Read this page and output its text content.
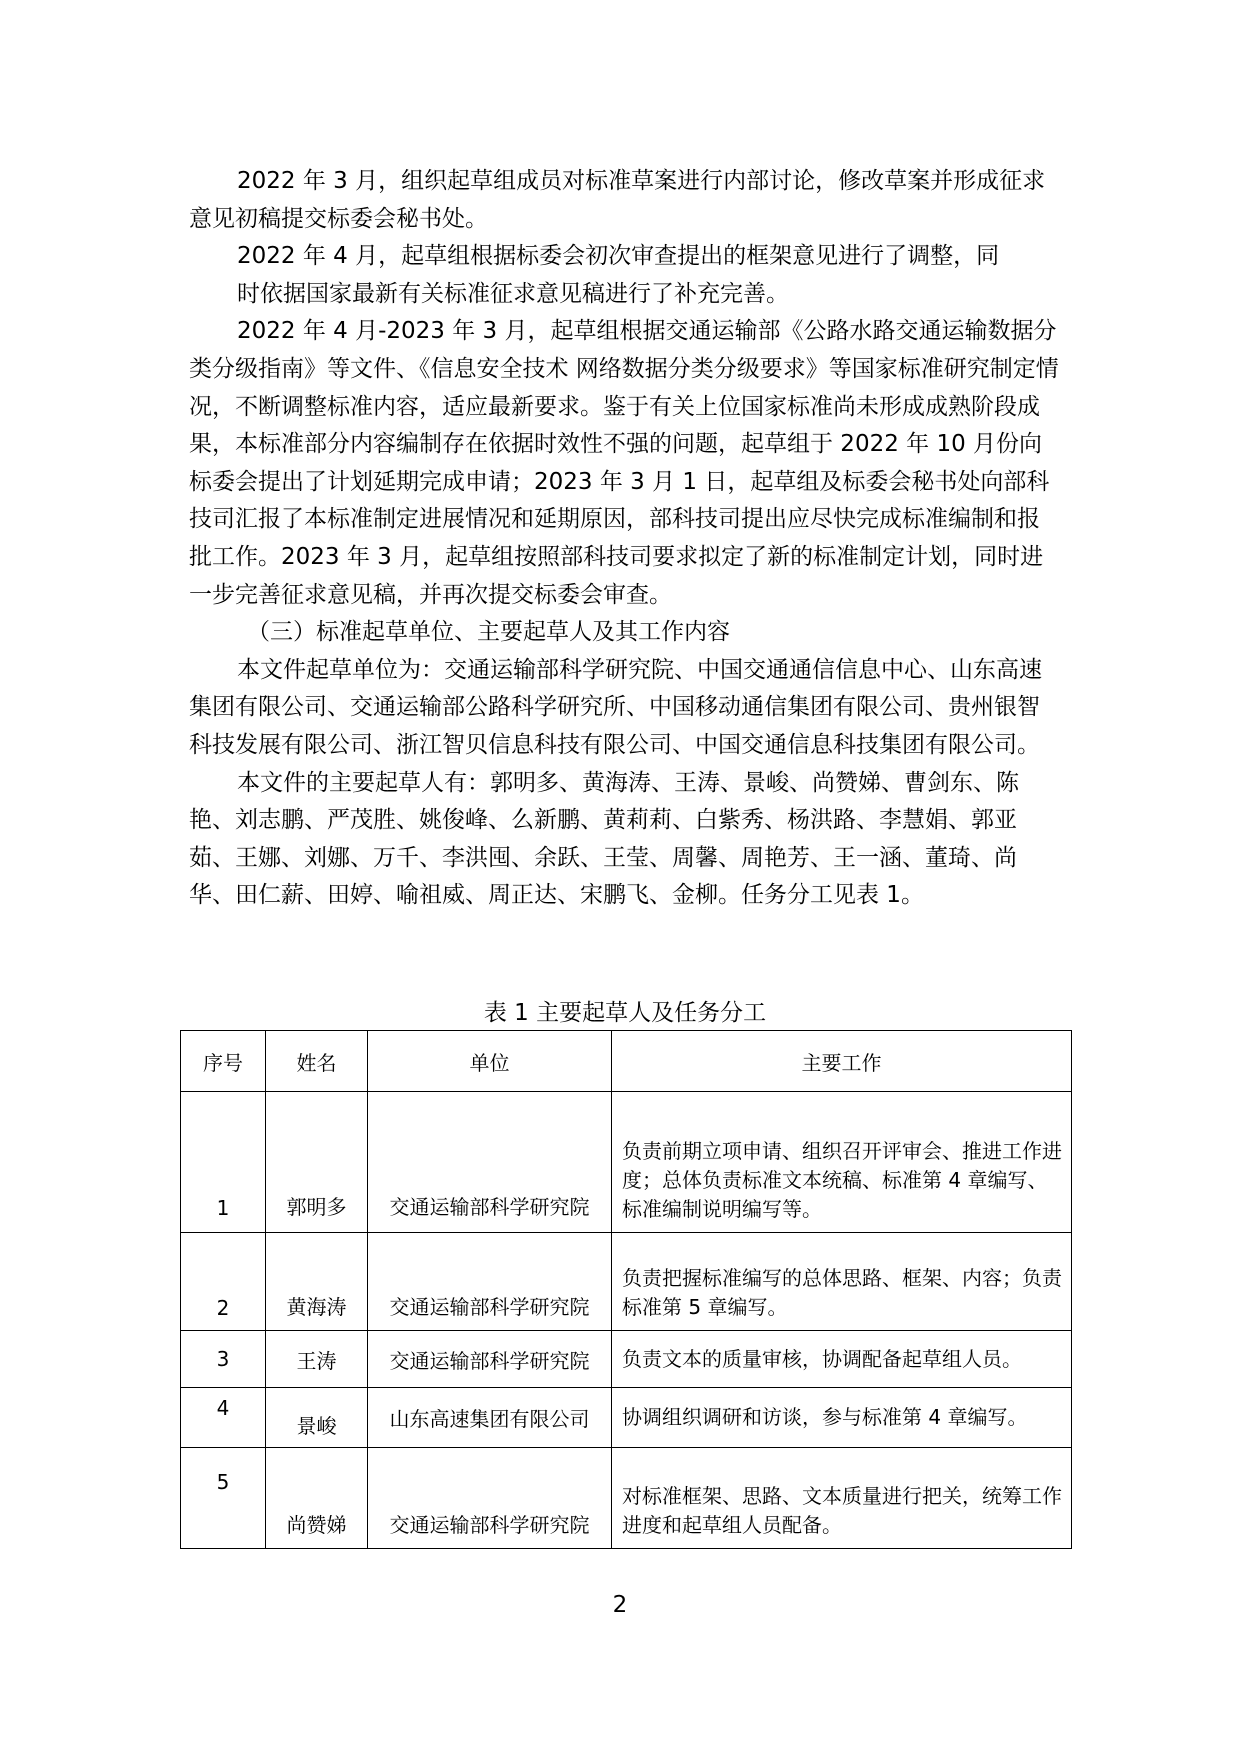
2022 年 3 月，组织起草组成员对标准草案进行内部讨论，修改草案并形成征求意见初稿提交标委会秘书处。

2022 年 4 月，起草组根据标委会初次审查提出的框架意见进行了调整，同

时依据国家最新有关标准征求意见稿进行了补充完善。

2022 年 4 月-2023 年 3 月，起草组根据交通运输部《公路水路交通运输数据分类分级指南》等文件、《信息安全技术 网络数据分类分级要求》等国家标准研究制定情况，不断调整标准内容，适应最新要求。鉴于有关上位国家标准尚未形成成熟阶段成果，本标准部分内容编制存在依据时效性不强的问题，起草组于 2022 年 10 月份向标委会提出了计划延期完成申请；2023 年 3 月 1 日，起草组及标委会秘书处向部科技司汇报了本标准制定进展情况和延期原因，部科技司提出应尽快完成标准编制和报批工作。2023 年 3 月，起草组按照部科技司要求拟定了新的标准制定计划，同时进一步完善征求意见稿，并再次提交标委会审查。

（三）标准起草单位、主要起草人及其工作内容

本文件起草单位为：交通运输部科学研究院、中国交通通信信息中心、山东高速集团有限公司、交通运输部公路科学研究所、中国移动通信集团有限公司、贵州银智科技发展有限公司、浙江智贝信息科技有限公司、中国交通信息科技集团有限公司。

本文件的主要起草人有：郭明多、黄海涛、王涛、景峻、尚赞娣、曹剑东、陈艳、刘志鹏、严茂胜、姚俊峰、么新鹏、黄莉莉、白紫秀、杨洪路、李慧娟、郭亚茹、王娜、刘娜、万千、李洪囤、余跃、王莹、周馨、周艳芳、王一涵、董琦、尚华、田仁薪、田婷、喻祖威、周正达、宋鹏飞、金柳。任务分工见表 1。

表 1 主要起草人及任务分工
序号	姓名	单位	主要工作

1	郭明多	交通运输部科学研究院	负责前期立项申请、组织召开评审会、推进工作进度；总体负责标准文本统稿、标准第 4 章编写、标准编制说明编写等。

2	黄海涛	交通运输部科学研究院	负责把握标准编写的总体思路、框架、内容；负责标准第 5 章编写。

3	王涛	交通运输部科学研究院	负责文本的质量审核，协调配备起草组人员。

4	景峻	山东高速集团有限公司	协调组织调研和访谈，参与标准第 4 章编写。

5	尚赞娣	交通运输部科学研究院	对标准框架、思路、文本质量进行把关，统筹工作进度和起草组人员配备。
2
